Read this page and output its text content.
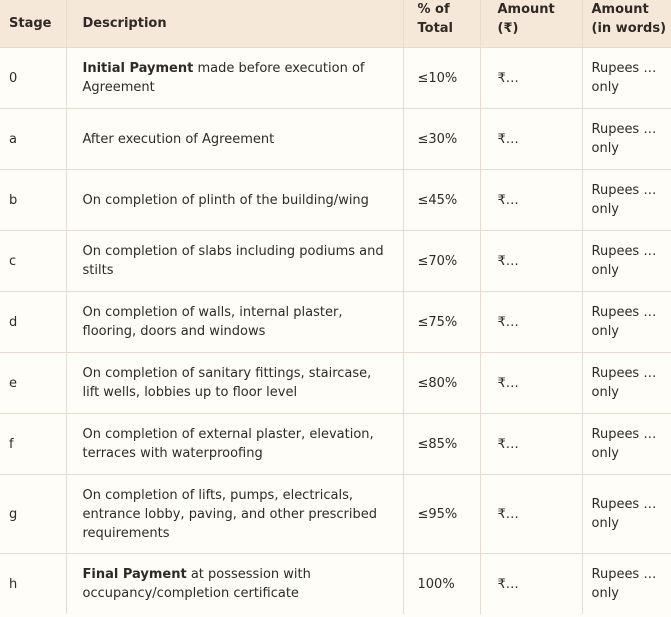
Stage	Description	% of Total	Amount (₹)	Amount (in words)
0	Initial Payment made before execution of Agreement	≤10%	₹…	Rupees … only
a	After execution of Agreement	≤30%	₹…	Rupees … only
b	On completion of plinth of the building/wing	≤45%	₹…	Rupees … only
c	On completion of slabs including podiums and stilts	≤70%	₹…	Rupees … only
d	On completion of walls, internal plaster, flooring, doors and windows	≤75%	₹…	Rupees … only
e	On completion of sanitary fittings, staircase, lift wells, lobbies up to floor level	≤80%	₹…	Rupees … only
f	On completion of external plaster, elevation, terraces with waterproofing	≤85%	₹…	Rupees … only
g	On completion of lifts, pumps, electricals, entrance lobby, paving, and other prescribed requirements	≤95%	₹…	Rupees … only
h	Final Payment at possession with occupancy/completion certificate	100%	₹…	Rupees … only
